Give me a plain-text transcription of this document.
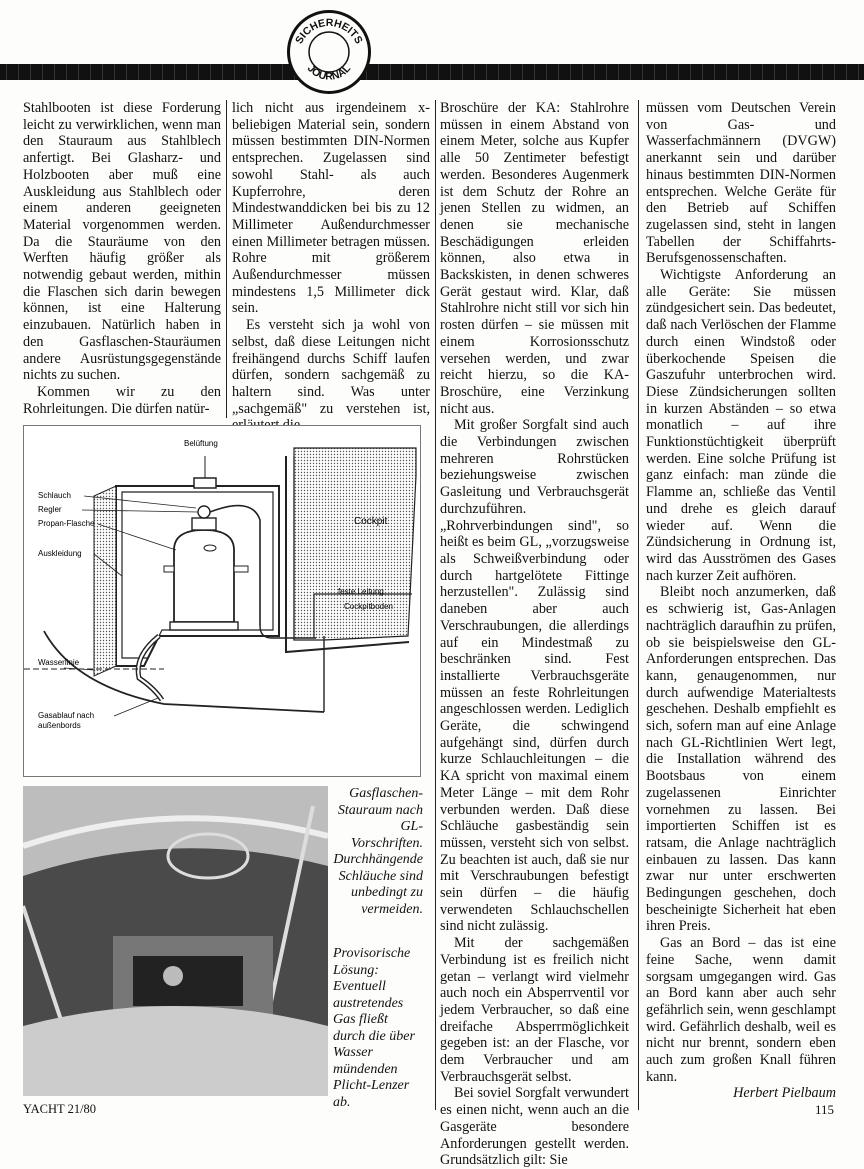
SICHERHEITS
JOURNAL

Stahlbooten ist diese Forderung leicht zu verwirklichen, wenn man den Stauraum aus Stahlblech anfertigt. Bei Glasharz- und Holzbooten aber muß eine Auskleidung aus Stahlblech oder einem anderen geeigneten Material vorgenommen werden. Da die Stauräume von den Werften häufig größer als notwendig gebaut werden, mithin die Flaschen sich darin bewegen können, ist eine Halterung einzubauen. Natürlich haben in den Gasflaschen-Stauräumen andere Ausrüstungsgegenstände nichts zu suchen.

Kommen wir zu den Rohrleitungen. Die dürfen natür-

lich nicht aus irgendeinem x-beliebigen Material sein, sondern müssen bestimmten DIN-Normen entsprechen. Zugelassen sind sowohl Stahl- als auch Kupferrohre, deren Mindestwanddicken bei bis zu 12 Millimeter Außendurchmesser einen Millimeter betragen müssen. Rohre mit größerem Außendurchmesser müssen mindestens 1,5 Millimeter dick sein.

Es versteht sich ja wohl von selbst, daß diese Leitungen nicht freihängend durchs Schiff laufen dürfen, sondern sachgemäß zu haltern sind. Was unter „sachgemäß" zu verstehen ist,

Broschüre der KA: Stahlrohre müssen in einem Abstand von einem Meter, solche aus Kupfer alle 50 Zentimeter befestigt werden. Besonderes Augenmerk ist dem Schutz der Rohre an jenen Stellen zu widmen, an denen sie mechanische Beschädigungen erleiden können, also etwa in Backskisten, in denen schweres Gerät gestaut wird. Klar, daß Stahlrohre nicht still vor sich hin rosten dürfen – sie müssen mit einem Korrosionsschutz versehen werden, und zwar reicht hierzu, so die KA-Broschüre, eine Verzinkung nicht aus.

Mit großer Sorgfalt sind auch die Verbindungen zwischen mehreren Rohrstücken beziehungsweise zwischen Gasleitung und Verbrauchsgerät durchzuführen. „Rohrverbindungen sind", so heißt es beim GL, „vorzugsweise als Schweißverbindung oder durch hartgelötete Fittinge herzustellen". Zulässig sind daneben aber auch Verschraubungen, die allerdings auf ein Mindestmaß zu beschränken sind. Fest installierte Verbrauchsgeräte müssen an feste Rohrleitungen angeschlossen werden. Lediglich Geräte, die schwingend aufgehängt sind, dürfen durch kurze Schlauchleitungen – die KA spricht von maximal einem Meter Länge – mit dem Rohr verbunden werden. Daß diese Schläuche gasbeständig sein müssen, versteht sich von selbst. Zu beachten ist auch, daß sie nur mit Verschraubungen befestigt sein dürfen – die häufig verwendeten Schlauchschellen sind nicht zulässig.

Mit der sachgemäßen Verbindung ist es freilich nicht getan – verlangt wird vielmehr auch noch ein Absperrventil vor jedem Verbraucher, so daß eine dreifache Absperrmöglichkeit gegeben ist: an der Flasche, vor dem Verbraucher und am Verbrauchsgerät selbst.

Bei soviel Sorgfalt verwundert es einen nicht, wenn auch an die Gasgeräte besondere Anforderungen gestellt werden. Grundsätzlich gilt: Sie

müssen vom Deutschen Verein von Gas- und Wasserfachmännern (DVGW) anerkannt sein und darüber hinaus bestimmten DIN-Normen entsprechen. Welche Geräte für den Betrieb auf Schiffen zugelassen sind, steht in langen Tabellen der Schiffahrts-Berufsgenossenschaften.

Wichtigste Anforderung an alle Geräte: Sie müssen zündgesichert sein. Das bedeutet, daß nach Verlöschen der Flamme durch einen Windstoß oder überkochende Speisen die Gaszufuhr unterbrochen wird. Diese Zündsicherungen sollten in kurzen Abständen – so etwa monatlich – auf ihre Funktionstüchtigkeit überprüft werden. Eine solche Prüfung ist ganz einfach: man zünde die Flamme an, schließe das Ventil und drehe es gleich darauf wieder auf. Wenn die Zündsicherung in Ordnung ist, wird das Ausströmen des Gases nach kurzer Zeit aufhören.

Bleibt noch anzumerken, daß es schwierig ist, Gas-Anlagen nachträglich daraufhin zu prüfen, ob sie beispielsweise den GL-Anforderungen entsprechen. Das kann, genaugenommen, nur durch aufwendige Materialtests geschehen. Deshalb empfiehlt es sich, sofern man auf eine Anlage nach GL-Richtlinien Wert legt, die Installation während des Bootsbaus von einem zugelassenen Einrichter vornehmen zu lassen. Bei importierten Schiffen ist es ratsam, die Anlage nachträglich einbauen zu lassen. Das kann zwar nur unter erschwerten Bedingungen geschehen, doch bescheinigte Sicherheit hat eben ihren Preis.

Gas an Bord – das ist eine feine Sache, wenn damit sorgsam umgegangen wird. Gas an Bord kann aber auch sehr gefährlich sein, wenn geschlampt wird. Gefährlich deshalb, weil es nicht nur brennt, sondern eben auch zum großen Knall führen kann.

Herbert Pielbaum

Belüftung
Schlauch
Regler
Propan-Flasche
Auskleidung
Cockpit
feste Leitung
Cockpitboden
Wasserlinie
Gasablauf nach
außenbords
Gasflaschen-Stauraum nach GL-Vorschriften. Durchhängende Schläuche sind unbedingt zu vermeiden.
Provisorische Lösung: Eventuell austretendes Gas fließt durch die über Wasser mündenden Plicht-Lenzer ab.
YACHT 21/80	115
